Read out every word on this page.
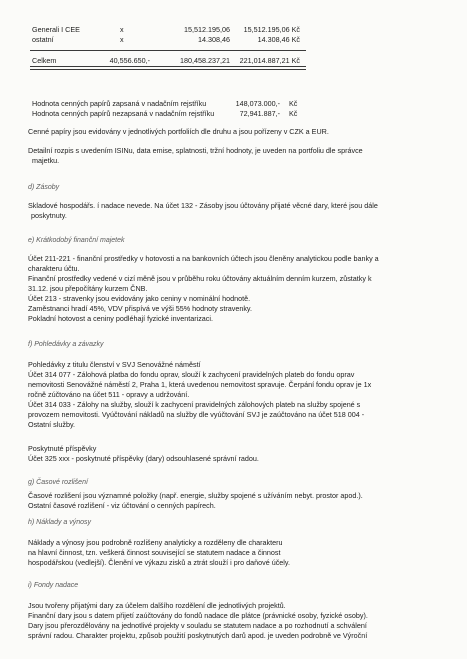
Generali I CEE	x	15,512.195,06	15,512.195,06 Kč
ostatní	x	14.308,46	14.308,46 Kč
Celkem	40,556.650,-	180,458.237,21	221,014.887,21 Kč
Hodnota cenných papírů zapsaná v nadačním rejstříku	148,073.000,- Kč
Hodnota cenných papírů nezapsaná v nadačním rejstříku	72,941.887,- Kč
Cenné papíry jsou evidovány v jednotlivých portfoliích dle druhu a jsou pořízeny v CZK a EUR.
Detailní rozpis s uvedením ISINu, data emise, splatnosti, tržní hodnoty, je uveden na portfoliu dle správce
majetku.
d) Zásoby
Skladové hospodářs. í nadace nevede. Na účet 132 - Zásoby jsou účtovány přijaté věcné dary, které jsou dále
poskytnuty.
e) Krátkodobý finanční majetek
Účet 211-221 - finanční prostředky v hotovosti a na bankovních účtech jsou členěny analytickou podle banky a
charakteru účtu.
Finanční prostředky vedené v cizí měně jsou v průběhu roku účtovány aktuálním denním kurzem, zůstatky k
31.12. jsou přepočítány kurzem ČNB.
Účet 213 - stravenky jsou evidovány jako ceniny v nominální hodnotě.
Zaměstnanci hradí 45%, VDV přispívá ve výši 55% hodnoty stravenky.
Pokladní hotovost a ceniny podléhají fyzické inventarizaci.
f) Pohledávky a závazky
Pohledávky z titulu členství v SVJ Senovážné náměstí
Účet 314 077 - Zálohová platba do fondu oprav, slouží k zachycení pravidelných plateb do fondu oprav
nemovitosti Senovážné náměstí 2, Praha 1, která uvedenou nemovitost spravuje. Čerpání fondu oprav je 1x
ročně zúčtováno na účet 511 - opravy a udržování.
Účet 314 033 - Zálohy na služby, slouží k zachycení pravidelných zálohových plateb na služby spojené s
provozem nemovitosti. Vyúčtování nákladů na služby dle vyúčtování SVJ je zaúčtováno na účet 518 004 -
Ostatní služby.
Poskytnuté příspěvky
Účet 325 xxx - poskytnuté příspěvky (dary) odsouhlasené správní radou.
g) Časové rozlišení
Časové rozlišení jsou významné položky (např. energie, služby spojené s užíváním nebyt. prostor apod.).
Ostatní časové rozlišení - viz účtování o cenných papírech.
h) Náklady a výnosy
Náklady a výnosy jsou podrobně rozlišeny analyticky a rozděleny dle charakteru
na hlavní činnost, tzn. veškerá činnost související se statutem nadace a činnost
hospodářskou (vedlejší). Členění ve výkazu zisků a ztrát slouží i pro daňové účely.
i) Fondy nadace
Jsou tvořeny přijatými dary za účelem dalšího rozdělení dle jednotlivých projektů.
Finanční dary jsou s datem přijetí zaúčtovány do fondů nadace dle plátce (právnické osoby, fyzické osoby).
Dary jsou přerozdělovány na jednotlivé projekty v souladu se statutem nadace a po rozhodnutí a schválení
správní radou. Charakter projektu, způsob použití poskytnutých darů apod. je uveden podrobně ve Výroční
